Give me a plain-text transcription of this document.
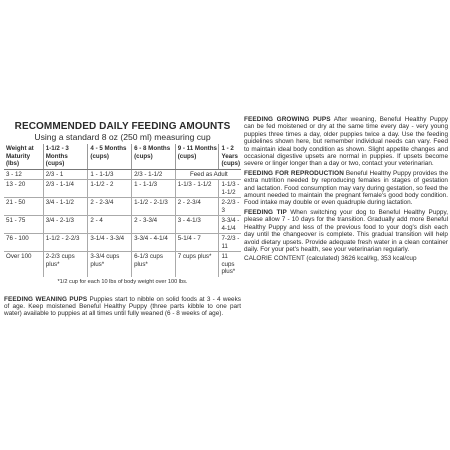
RECOMMENDED DAILY FEEDING AMOUNTS
Using a standard 8 oz (250 ml) measuring cup
Weight at Maturity (lbs)	1-1/2 - 3 Months (cups)	4 - 5 Months (cups)	6 - 8 Months (cups)	9 - 11 Months (cups)	1 - 2 Years (cups)
3 - 12	2/3 - 1	1 - 1-1/3	2/3 - 1-1/2	Feed as Adult	
13 - 20	2/3 - 1-1/4	1-1/2 - 2	1 - 1-1/3	1-1/3 - 1-1/2	1-1/3 - 1-1/2
21 - 50	3/4 - 1-1/2	2 - 2-3/4	1-1/2 - 2-1/3	2 - 2-3/4	2-2/3 - 3
51 - 75	3/4 - 2-1/3	2 - 4	2 - 3-3/4	3 - 4-1/3	3-3/4 - 4-1/4
76 - 100	1-1/2 - 2-2/3	3-1/4 - 3-3/4	3-3/4 - 4-1/4	5-1/4 - 7	7-2/3 - 11
Over 100	2-2/3 cups plus*	3-3/4 cups plus*	6-1/3 cups plus*	7 cups plus*	11 cups plus*
*1/2 cup for each 10 lbs of body weight over 100 lbs.

FEEDING WEANING PUPS Puppies start to nibble on solid foods at 3 - 4 weeks of age. Keep moistened Beneful Healthy Puppy (three parts kibble to one part water) available to puppies at all times until fully weaned (6 - 8 weeks of age).

FEEDING GROWING PUPS After weaning, Beneful Healthy Puppy can be fed moistened or dry at the same time every day - very young puppies three times a day, older puppies twice a day. Use the feeding guidelines shown here, but remember individual needs can vary. Feed to maintain ideal body condition as shown. Slight appetite changes and occasional digestive upsets are normal in puppies. If upsets become severe or linger longer than a day or two, contact your veterinarian.

FEEDING FOR REPRODUCTION Beneful Healthy Puppy provides the extra nutrition needed by reproducing females in stages of gestation and lactation. Food consumption may vary during gestation, so feed the amount needed to maintain the pregnant female's good body condition. Food intake may double or even quadruple during lactation.

FEEDING TIP When switching your dog to Beneful Healthy Puppy, please allow 7 - 10 days for the transition. Gradually add more Beneful Healthy Puppy and less of the previous food to your dog's dish each day until the changeover is complete. This gradual transition will help avoid dietary upsets. Provide adequate fresh water in a clean container daily. For your pet's health, see your veterinarian regularly.

CALORIE CONTENT (calculated) 3626 kcal/kg, 353 kcal/cup
